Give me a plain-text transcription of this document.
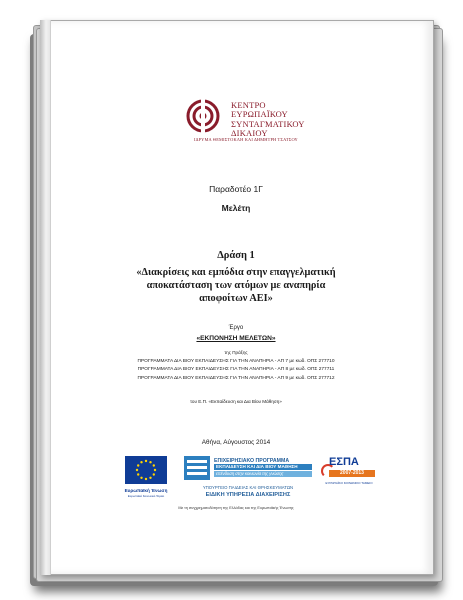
ΚΕΝΤΡΟ
ΕΥΡΩΠΑΪΚΟΥ
ΣΥΝΤΑΓΜΑΤΙΚΟΥ
ΔΙΚΑΙΟΥ
ΙΔΡΥΜΑ ΘΕΜΙΣΤΟΚΛΗ ΚΑΙ ΔΗΜΗΤΡΗ ΤΣΑΤΣΟΥ
Παραδοτέο 1Γ
Μελέτη
Δράση 1
«Διακρίσεις και εμπόδια στην επαγγελματική
αποκατάσταση των ατόμων με αναπηρία
αποφοίτων ΑΕΙ»
Έργο
«ΕΚΠΟΝΗΣΗ ΜΕΛΕΤΩΝ»
της Πράξης
ΠΡΟΓΡΑΜΜΑΤΑ ΔΙΑ ΒΙΟΥ ΕΚΠΑΙΔΕΥΣΗΣ ΓΙΑ ΤΗΝ ΑΝΑΠΗΡΙΑ - ΑΠ 7 με κωδ. ΟΠΣ 277710
ΠΡΟΓΡΑΜΜΑΤΑ ΔΙΑ ΒΙΟΥ ΕΚΠΑΙΔΕΥΣΗΣ ΓΙΑ ΤΗΝ ΑΝΑΠΗΡΙΑ - ΑΠ 8 με κωδ. ΟΠΣ 277711
ΠΡΟΓΡΑΜΜΑΤΑ ΔΙΑ ΒΙΟΥ ΕΚΠΑΙΔΕΥΣΗΣ ΓΙΑ ΤΗΝ ΑΝΑΠΗΡΙΑ - ΑΠ 9 με κωδ. ΟΠΣ 277712
του Ε.Π. «Εκπαίδευση και Δια Βίου Μάθηση»
Αθήνα, Αύγουστος 2014
Ευρωπαϊκή Ένωση
Ευρωπαϊκό Κοινωνικό Ταμείο
ΕΠΙΧΕΙΡΗΣΙΑΚΟ ΠΡΟΓΡΑΜΜΑ
ΕΚΠΑΙΔΕΥΣΗ ΚΑΙ ΔΙΑ ΒΙΟΥ ΜΑΘΗΣΗ
επένδυση στην κοινωνία της γνώσης
ΥΠΟΥΡΓΕΙΟ ΠΑΙΔΕΙΑΣ ΚΑΙ ΘΡΗΣΚΕΥΜΑΤΩΝ
ΕΙΔΙΚΗ ΥΠΗΡΕΣΙΑ ΔΙΑΧΕΙΡΙΣΗΣ
ΕΣΠΑ
2007-2013
ΕΥΡΩΠΑΪΚΟ ΚΟΙΝΩΝΙΚΟ ΤΑΜΕΙΟ
Με τη συγχρηματοδότηση της Ελλάδας και της Ευρωπαϊκής Ένωσης
